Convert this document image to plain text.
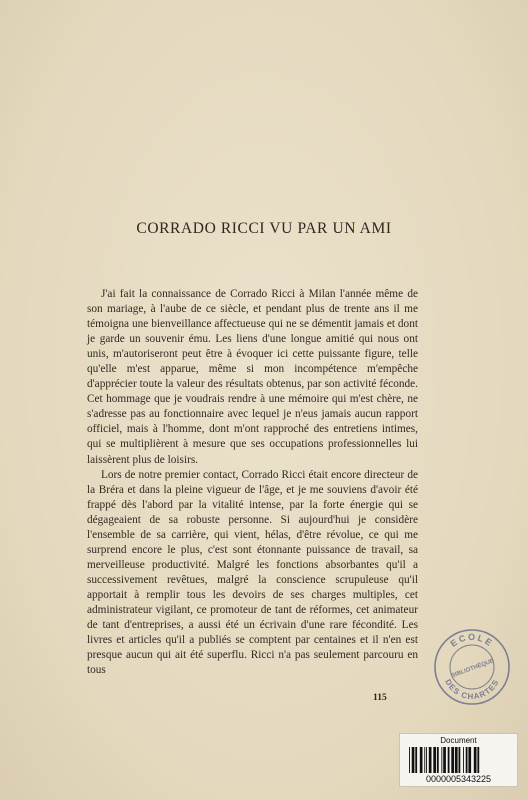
CORRADO RICCI VU PAR UN AMI

J'ai fait la connaissance de Corrado Ricci à Milan l'année même de son mariage, à l'aube de ce siècle, et pendant plus de trente ans il me témoigna une bienveillance affectueuse qui ne se démentit jamais et dont je garde un souvenir ému. Les liens d'une longue amitié qui nous ont unis, m'autoriseront peut être à évoquer ici cette puissante figure, telle qu'elle m'est apparue, même si mon incompétence m'empêche d'apprécier toute la valeur des résultats obtenus, par son activité féconde. Cet hommage que je voudrais rendre à une mémoire qui m'est chère, ne s'adresse pas au fonctionnaire avec lequel je n'eus jamais aucun rapport officiel, mais à l'homme, dont m'ont rapproché des entretiens intimes, qui se multiplièrent à mesure que ses occupations professionnelles lui laissèrent plus de loisirs.

Lors de notre premier contact, Corrado Ricci était encore directeur de la Bréra et dans la pleine vigueur de l'âge, et je me souviens d'avoir été frappé dès l'abord par la vitalité intense, par la forte énergie qui se dégageaient de sa robuste personne. Si aujourd'hui je considère l'ensemble de sa carrière, qui vient, hélas, d'être révolue, ce qui me surprend encore le plus, c'est sont étonnante puissance de travail, sa merveilleuse productivité. Malgré les fonctions absorbantes qu'il a successivement revêtues, malgré la conscience scrupuleuse qu'il apportait à remplir tous les devoirs de ses charges multiples, cet administrateur vigilant, ce promoteur de tant de réformes, cet animateur de tant d'entreprises, a aussi été un écrivain d'une rare fécondité. Les livres et articles qu'il a publiés se comptent par centaines et il n'en est presque aucun qui ait été superflu. Ricci n'a pas seulement parcouru en tous

115
ECOLE
DES CHARTES
BIBLIOTHÈQUE
Document
0000005343225
